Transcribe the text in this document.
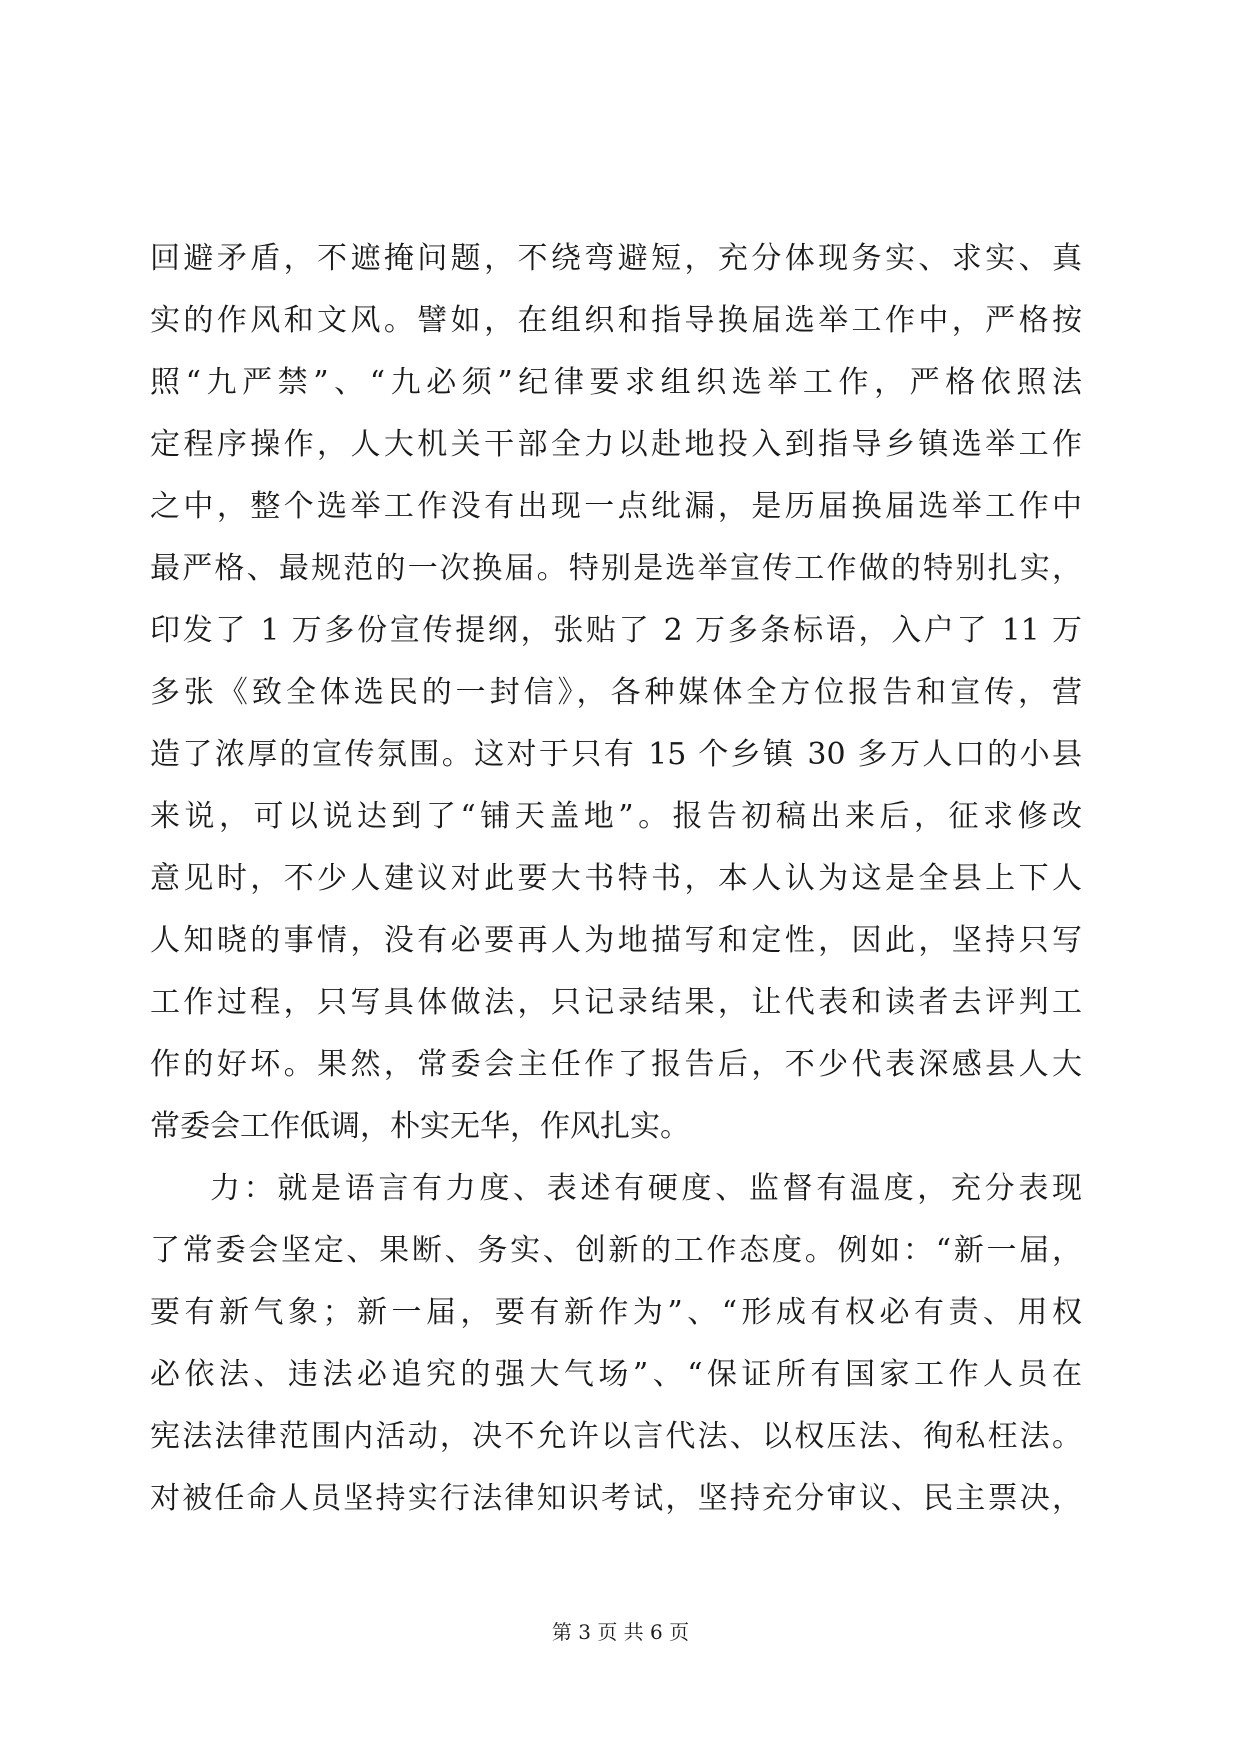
回避矛盾，不遮掩问题，不绕弯避短，充分体现务实、求实、真
实的作风和文风。譬如，在组织和指导换届选举工作中，严格按
照“九严禁”、“九必须”纪律要求组织选举工作，严格依照法
定程序操作，人大机关干部全力以赴地投入到指导乡镇选举工作
之中，整个选举工作没有出现一点纰漏，是历届换届选举工作中
最严格、最规范的一次换届。特别是选举宣传工作做的特别扎实，
印发了 1 万多份宣传提纲，张贴了 2 万多条标语，入户了 11 万
多张《致全体选民的一封信》，各种媒体全方位报告和宣传，营
造了浓厚的宣传氛围。这对于只有 15 个乡镇 30 多万人口的小县
来说，可以说达到了“铺天盖地”。报告初稿出来后，征求修改
意见时，不少人建议对此要大书特书，本人认为这是全县上下人
人知晓的事情，没有必要再人为地描写和定性，因此，坚持只写
工作过程，只写具体做法，只记录结果，让代表和读者去评判工
作的好坏。果然，常委会主任作了报告后，不少代表深感县人大
常委会工作低调，朴实无华，作风扎实。
力：就是语言有力度、表述有硬度、监督有温度，充分表现
了常委会坚定、果断、务实、创新的工作态度。例如：“新一届，
要有新气象；新一届，要有新作为”、“形成有权必有责、用权
必依法、违法必追究的强大气场”、“保证所有国家工作人员在
宪法法律范围内活动，决不允许以言代法、以权压法、徇私枉法。
对被任命人员坚持实行法律知识考试，坚持充分审议、民主票决，
第 3 页 共 6 页
